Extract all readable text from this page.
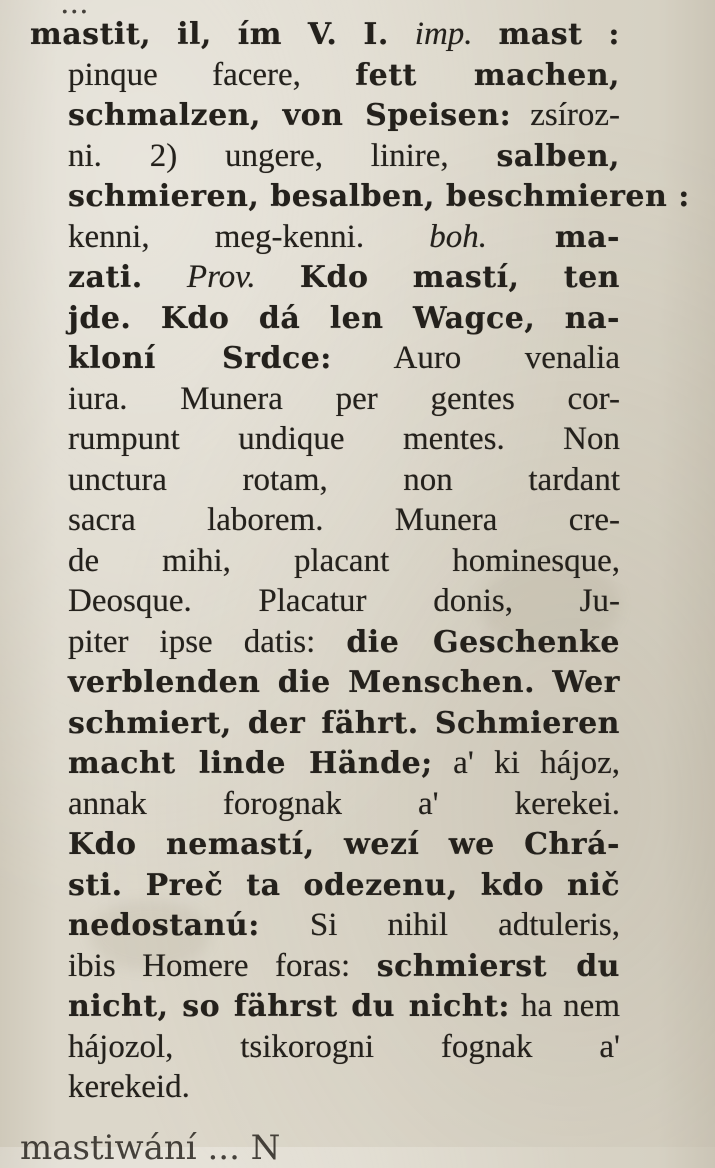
...
mastit, il, ím V. I. imp. mast :
pinque facere, fett machen,
schmalzen, von Speisen: zsíroz-
ni. 2) ungere, linire, salben,
schmieren, besalben, beschmieren :
kenni, meg-kenni. boh. ma-
zati. Prov. Kdo mastí, ten
jde. Kdo dá len Wagce, na-
kloní Srdce: Auro venalia
iura. Munera per gentes cor-
rumpunt undique mentes. Non
unctura rotam, non tardant
sacra laborem. Munera cre-
de mihi, placant hominesque,
Deosque. Placatur donis, Ju-
piter ipse datis: die Geschenke
verblenden die Menschen. Wer
schmiert, der fährt. Schmieren
macht linde Hände; a' ki hájoz,
annak forognak a' kerekei.
Kdo nemastí, wezí we Chrá-
sti. Preč ta odezenu, kdo nič
nedostanú: Si nihil adtuleris,
ibis Homere foras: schmierst du
nicht, so fährst du nicht: ha nem
hájozol, tsikorogni fognak a'
kerekeid.
mastiwání ... N
